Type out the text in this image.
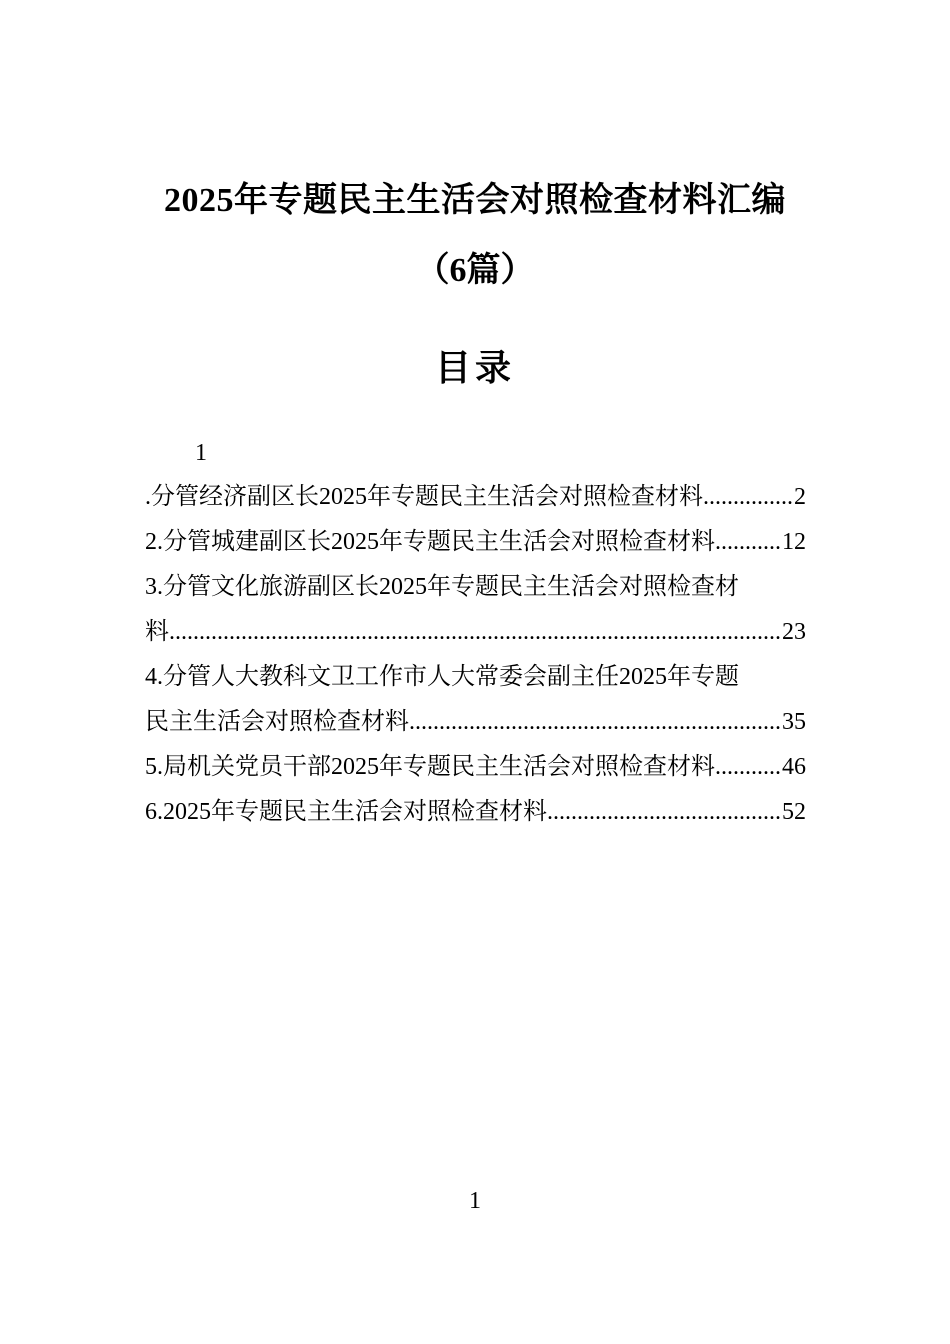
2025年专题民主生活会对照检查材料汇编
（6篇）
目录
1
.分管经济副区长2025年专题民主生活会对照检查材料 .....	2
2.分管城建副区长2025年专题民主生活会对照检查材料 .....	12
3.分管文化旅游副区长2025年专题民主生活会对照检查材
料 .....	23
4.分管人大教科文卫工作市人大常委会副主任2025年专题
民主生活会对照检查材料 .....	35
5.局机关党员干部2025年专题民主生活会对照检查材料 .....	46
6.2025年专题民主生活会对照检查材料 .....	52
1
